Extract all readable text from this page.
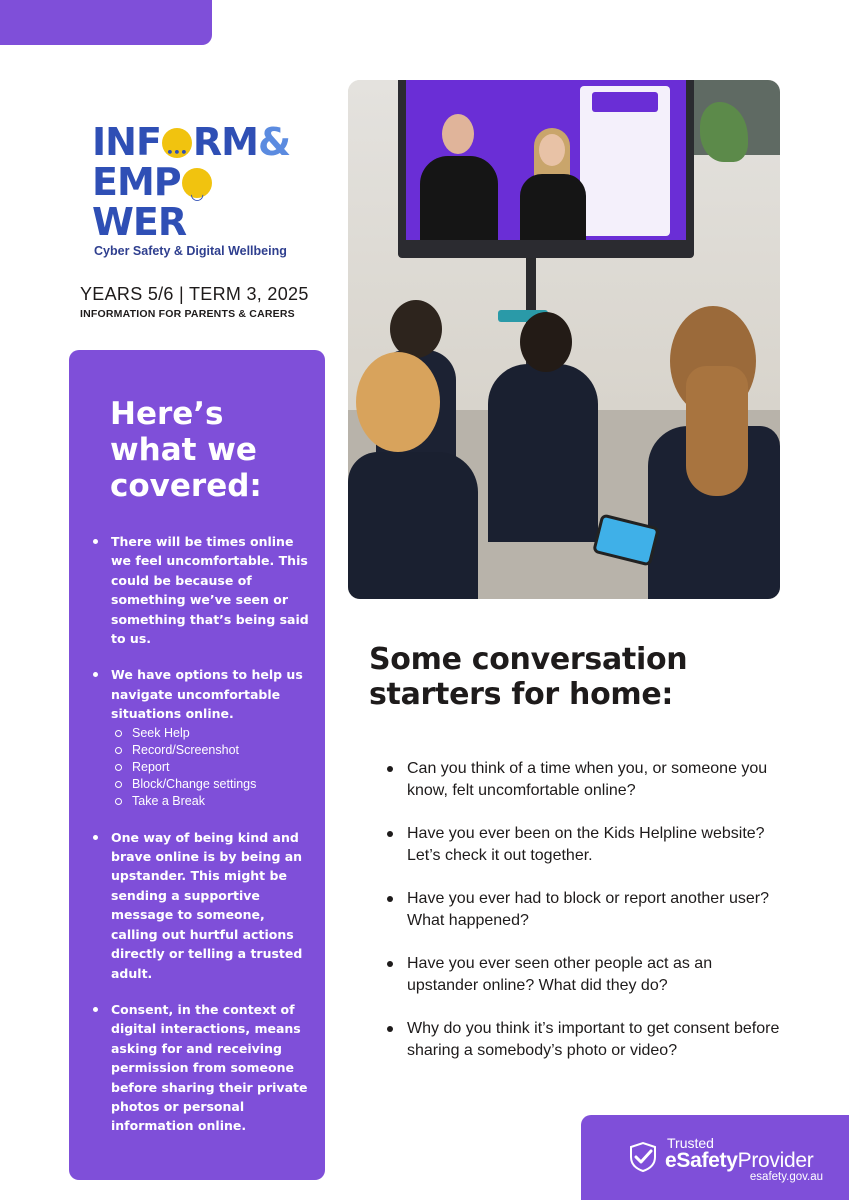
INF••• RM&
EMP◡WER
Cyber Safety & Digital Wellbeing
YEARS 5/6 | TERM 3, 2025
INFORMATION FOR PARENTS & CARERS
Here’s what we covered:
There will be times online we feel uncomfortable. This could be because of something we’ve seen or something that’s being said to us.
We have options to help us navigate uncomfortable situations online.
Seek Help
Record/Screenshot
Report
Block/Change settings
Take a Break
One way of being kind and brave online is by being an upstander. This might be sending a supportive message to someone, calling out hurtful actions directly or telling a trusted adult.
Consent, in the context of digital interactions, means asking for and receiving permission from someone before sharing their private photos or personal information online.
Some conversation starters for home:
Can you think of a time when you, or someone you know, felt uncomfortable online?
Have you ever been on the Kids Helpline website? Let’s check it out together.
Have you ever had to block or report another user? What happened?
Have you ever seen other people act as an upstander online? What did they do?
Why do you think it’s important to get consent before sharing a somebody’s photo or video?
Trusted
eSafetyProvider
esafety.gov.au
